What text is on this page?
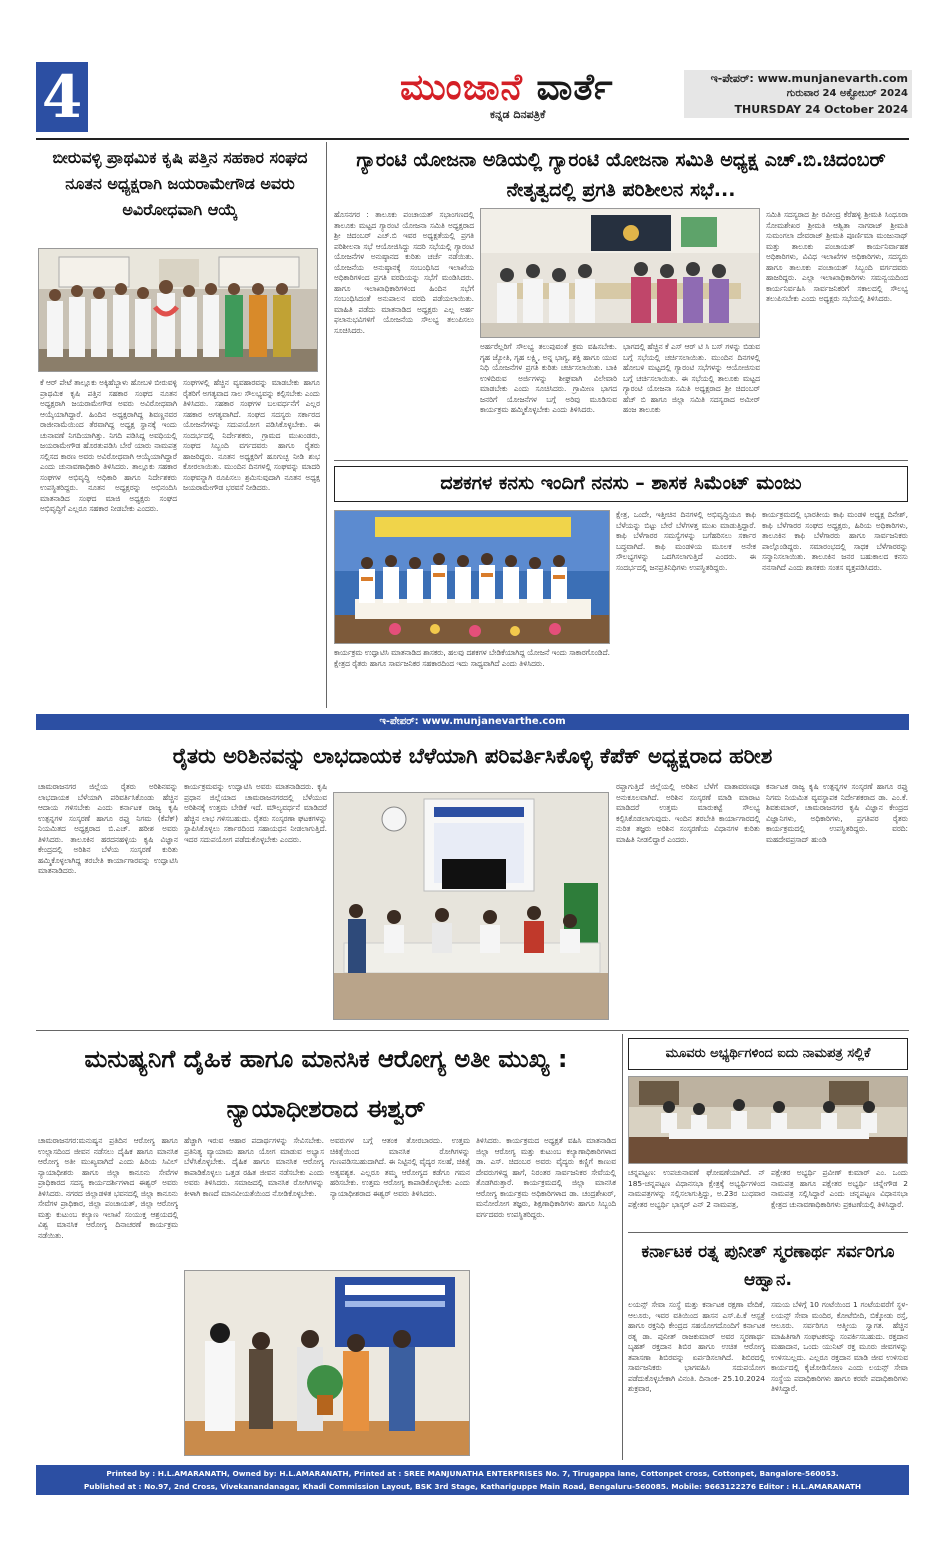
4	ಮುಂಜಾನೆ ವಾರ್ತೆ
ಕನ್ನಡ ದಿನಪತ್ರಿಕೆ
ಇ-ಪೇಪರ್: www.munjanevarth.com
ಗುರುವಾರ 24 ಅಕ್ಟೋಬರ್ 2024
THURSDAY 24 October 2024
ಬೀರುವಳ್ಳಿ ಪ್ರಾಥಮಿಕ ಕೃಷಿ ಪತ್ತಿನ ಸಹಕಾರ ಸಂಘದ ನೂತನ ಅಧ್ಯಕ್ಷರಾಗಿ ಜಯರಾಮೇಗೌಡ ಅವರು ಅವಿರೋಧವಾಗಿ ಆಯ್ಕೆ
ಕೆ ಆರ್ ಪೇಟೆ ತಾಲ್ಲೂಕು ಅಕ್ಕಿಹೆಬ್ಬಾಳು ಹೋಬಳಿ ಬೀರುವಳ್ಳಿ ಪ್ರಾಥಮಿಕ ಕೃಷಿ ಪತ್ತಿನ ಸಹಕಾರ ಸಂಘದ ನೂತನ ಅಧ್ಯಕ್ಷರಾಗಿ ಜಯರಾಮೇಗೌಡ ಅವರು ಅವಿರೋಧವಾಗಿ ಆಯ್ಕೆಯಾಗಿದ್ದಾರೆ. ಹಿಂದಿನ ಅಧ್ಯಕ್ಷರಾಗಿದ್ದ ಶಿವಣ್ಣನವರ ರಾಜೀನಾಮೆಯಿಂದ ತೆರವಾಗಿದ್ದ ಅಧ್ಯಕ್ಷ ಸ್ಥಾನಕ್ಕೆ ಇಂದು ಚುನಾವಣೆ ನಿಗದಿಯಾಗಿತ್ತು. ನಿಗದಿ ಪಡಿಸಿದ್ದ ಅವಧಿಯಲ್ಲಿ ಜಯರಾಮೇಗೌಡ ಹೊರತುಪಡಿಸಿ ಬೇರೆ ಯಾರು ನಾಮಪತ್ರ ಸಲ್ಲಿಸದ ಕಾರಣ ಅವರು ಅವಿರೋಧವಾಗಿ ಆಯ್ಕೆಯಾಗಿದ್ದಾರೆ ಎಂದು ಚುನಾವಣಾಧಿಕಾರಿ ತಿಳಿಸಿದರು. ತಾಲ್ಲೂಕು ಸಹಕಾರ ಸಂಘಗಳ ಅಭಿವೃದ್ಧಿ ಅಧಿಕಾರಿ ಹಾಗೂ ನಿರ್ದೇಶಕರು ಉಪಸ್ಥಿತರಿದ್ದರು. ನೂತನ ಅಧ್ಯಕ್ಷರನ್ನು ಅಭಿನಂದಿಸಿ ಮಾತನಾಡಿದ ಸಂಘದ ಮಾಜಿ ಅಧ್ಯಕ್ಷರು ಸಂಘದ ಅಭಿವೃದ್ಧಿಗೆ ಎಲ್ಲರೂ ಸಹಕಾರ ನೀಡಬೇಕು ಎಂದರು.
ಸಂಘಗಳಲ್ಲಿ ಹೆಚ್ಚಿನ ವ್ಯವಹಾರವನ್ನು ಮಾಡಬೇಕು ಹಾಗೂ ರೈತರಿಗೆ ಅಗತ್ಯವಾದ ಸಾಲ ಸೌಲಭ್ಯವನ್ನು ಕಲ್ಪಿಸಬೇಕು ಎಂದು ತಿಳಿಸಿದರು. ಸಹಕಾರ ಸಂಘಗಳ ಬಲವರ್ಧನೆಗೆ ಎಲ್ಲರ ಸಹಕಾರ ಅಗತ್ಯವಾಗಿದೆ. ಸಂಘದ ಸದಸ್ಯರು ಸರ್ಕಾರದ ಯೋಜನೆಗಳನ್ನು ಸದುಪಯೋಗ ಪಡಿಸಿಕೊಳ್ಳಬೇಕು. ಈ ಸಂದರ್ಭದಲ್ಲಿ ನಿರ್ದೇಶಕರು, ಗ್ರಾಮದ ಮುಖಂಡರು, ಸಂಘದ ಸಿಬ್ಬಂದಿ ವರ್ಗದವರು ಹಾಗೂ ರೈತರು ಹಾಜರಿದ್ದರು. ನೂತನ ಅಧ್ಯಕ್ಷರಿಗೆ ಹೂಗುಚ್ಛ ನೀಡಿ ಶುಭ ಕೋರಲಾಯಿತು. ಮುಂದಿನ ದಿನಗಳಲ್ಲಿ ಸಂಘವನ್ನು ಮಾದರಿ ಸಂಘವನ್ನಾಗಿ ರೂಪಿಸಲು ಶ್ರಮಿಸುವುದಾಗಿ ನೂತನ ಅಧ್ಯಕ್ಷ ಜಯರಾಮೇಗೌಡ ಭರವಸೆ ನೀಡಿದರು.
ಗ್ಯಾರಂಟಿ ಯೋಜನಾ ಅಡಿಯಲ್ಲಿ ಗ್ಯಾರಂಟಿ ಯೋಜನಾ ಸಮಿತಿ ಅಧ್ಯಕ್ಷ ಎಚ್.ಬಿ.ಚಿದಂಬರ್ ನೇತೃತ್ವದಲ್ಲಿ ಪ್ರಗತಿ ಪರಿಶೀಲನ ಸಭೆ...
ಹೊಸನಗರ : ತಾಲೂಕು ಪಂಚಾಯತ್ ಸಭಾಂಗಣದಲ್ಲಿ ತಾಲೂಕು ಮಟ್ಟದ ಗ್ಯಾರಂಟಿ ಯೋಜನಾ ಸಮಿತಿ ಅಧ್ಯಕ್ಷರಾದ ಶ್ರೀ ಚಿದಂಬರ್ ಎಚ್.ಬಿ ಇವರ ಅಧ್ಯಕ್ಷತೆಯಲ್ಲಿ ಪ್ರಗತಿ ಪರಿಶೀಲನಾ ಸಭೆ ಆಯೋಜಿಸಿದ್ದು ಸದರಿ ಸಭೆಯಲ್ಲಿ ಗ್ಯಾರಂಟಿ ಯೋಜನೆಗಳ ಅನುಷ್ಠಾನದ ಕುರಿತು ಚರ್ಚೆ ನಡೆಯಿತು. ಯೋಜನೆಯ ಅನುಷ್ಠಾನಕ್ಕೆ ಸಂಬಂಧಿಸಿದ ಇಲಾಖೆಯ ಅಧಿಕಾರಿಗಳಿಂದ ಪ್ರಗತಿ ವರದಿಯನ್ನು ಸಭೆಗೆ ಮಂಡಿಸಿದರು. ಹಾಗೂ ಇಲಾಖಾಧಿಕಾರಿಗಳಿಂದ ಹಿಂದಿನ ಸಭೆಗೆ ಸಂಬಂಧಿಸಿದಂತೆ ಅನುಪಾಲನ ವರದಿ ಪಡೆಯಲಾಯಿತು. ಮಾಹಿತಿ ಪಡೆದು ಮಾತನಾಡಿದ ಅಧ್ಯಕ್ಷರು ಎಲ್ಲ ಅರ್ಹ ಫಲಾನುಭವಿಗಳಿಗೆ ಯೋಜನೆಯ ಸೌಲಭ್ಯ ತಲುಪಿಸಲು ಸೂಚಿಸಿದರು.
ಅರ್ಹರೆಲ್ಲರಿಗೆ ಸೌಲಭ್ಯ ತಲುಪುವಂತೆ ಕ್ರಮ ವಹಿಸಬೇಕು. ಗೃಹ ಜ್ಯೋತಿ, ಗೃಹ ಲಕ್ಷ್ಮಿ, ಅನ್ನ ಭಾಗ್ಯ, ಶಕ್ತಿ ಹಾಗೂ ಯುವ ನಿಧಿ ಯೋಜನೆಗಳ ಪ್ರಗತಿ ಕುರಿತು ಚರ್ಚಿಸಲಾಯಿತು. ಬಾಕಿ ಉಳಿದಿರುವ ಅರ್ಜಿಗಳನ್ನು ಶೀಘ್ರವಾಗಿ ವಿಲೇವಾರಿ ಮಾಡಬೇಕು ಎಂದು ಸೂಚಿಸಿದರು. ಗ್ರಾಮೀಣ ಭಾಗದ ಜನರಿಗೆ ಯೋಜನೆಗಳ ಬಗ್ಗೆ ಅರಿವು ಮೂಡಿಸುವ ಕಾರ್ಯಕ್ರಮ ಹಮ್ಮಿಕೊಳ್ಳಬೇಕು ಎಂದು ತಿಳಿಸಿದರು.
ಭಾಗದಲ್ಲಿ ಹೆಚ್ಚಿನ ಕೆ ಎಸ್ ಆರ್ ಟಿ ಸಿ ಬಸ್ ಗಳನ್ನು ಬಿಡುವ ಬಗ್ಗೆ ಸಭೆಯಲ್ಲಿ ಚರ್ಚಿಸಲಾಯಿತು. ಮುಂದಿನ ದಿನಗಳಲ್ಲಿ ಹೋಬಳಿ ಮಟ್ಟದಲ್ಲಿ ಗ್ಯಾರಂಟಿ ಸಭೆಗಳನ್ನು ಆಯೋಜಿಸುವ ಬಗ್ಗೆ ಚರ್ಚಿಸಲಾಯಿತು. ಈ ಸಭೆಯಲ್ಲಿ ತಾಲೂಕು ಮಟ್ಟದ ಗ್ಯಾರಂಟಿ ಯೋಜನಾ ಸಮಿತಿ ಅಧ್ಯಕ್ಷರಾದ ಶ್ರೀ ಚಿದಂಬರ್ ಹೆಚ್ ಬಿ ಹಾಗೂ ಜಿಲ್ಲಾ ಸಮಿತಿ ಸದಸ್ಯರಾದ ಅಮೀರ್ ಹಂಜ ತಾಲೂಕು
ಸಮಿತಿ ಸದಸ್ಯರಾದ ಶ್ರೀ ರವೀಂದ್ರ ಕೆರೆಹಳ್ಳಿ ಶ್ರೀಮತಿ ಸಿಂಧೂರಾ ಸೋಮಶೇಖರ ಶ್ರೀಮತಿ ಆಶ್ವಿತಾ ನಾಗರಾಜ್ ಶ್ರೀಮತಿ ಸುಮಂಗಲಾ ದೇವರಾಜ್ ಶ್ರೀಮತಿ ಪೂರ್ಣಿಮಾ ಮಂಜುನಾಥ್ ಮತ್ತು ತಾಲೂಕು ಪಂಚಾಯತ್ ಕಾರ್ಯನಿರ್ವಾಹಕ ಅಧಿಕಾರಿಗಳು, ವಿವಿಧ ಇಲಾಖೆಗಳ ಅಧಿಕಾರಿಗಳು, ಸದಸ್ಯರು ಹಾಗೂ ತಾಲೂಕು ಪಂಚಾಯತ್ ಸಿಬ್ಬಂದಿ ವರ್ಗದವರು ಹಾಜರಿದ್ದರು. ಎಲ್ಲಾ ಇಲಾಖಾಧಿಕಾರಿಗಳು ಸಮನ್ವಯದಿಂದ ಕಾರ್ಯನಿರ್ವಹಿಸಿ ಸಾರ್ವಜನಿಕರಿಗೆ ಸಕಾಲದಲ್ಲಿ ಸೌಲಭ್ಯ ತಲುಪಿಸಬೇಕು ಎಂದು ಅಧ್ಯಕ್ಷರು ಸಭೆಯಲ್ಲಿ ತಿಳಿಸಿದರು.
ದಶಕಗಳ ಕನಸು ಇಂದಿಗೆ ನನಸು – ಶಾಸಕ ಸಿಮೆಂಟ್ ಮಂಜು
ಕಾರ್ಯಕ್ರಮ ಉದ್ಘಾಟಿಸಿ ಮಾತನಾಡಿದ ಶಾಸಕರು, ಹಲವು ದಶಕಗಳ ಬೇಡಿಕೆಯಾಗಿದ್ದ ಯೋಜನೆ ಇಂದು ಸಾಕಾರಗೊಂಡಿದೆ. ಕ್ಷೇತ್ರದ ರೈತರು ಹಾಗೂ ಸಾರ್ವಜನಿಕರ ಸಹಕಾರದಿಂದ ಇದು ಸಾಧ್ಯವಾಗಿದೆ ಎಂದು ತಿಳಿಸಿದರು.
ಕ್ಷೇತ್ರ, ಒಂದೇ, ಇತ್ತೀಚಿನ ದಿನಗಳಲ್ಲಿ ಅಭಿವೃದ್ಧಿಯೂ ಕಾಫಿ ಬೆಳೆಯನ್ನು ಬಿಟ್ಟು ಬೇರೆ ಬೆಳೆಗಳತ್ತ ಮುಖ ಮಾಡುತ್ತಿದ್ದಾರೆ. ಕಾಫಿ ಬೆಳೆಗಾರರ ಸಮಸ್ಯೆಗಳನ್ನು ಬಗೆಹರಿಸಲು ಸರ್ಕಾರ ಬದ್ಧವಾಗಿದೆ. ಕಾಫಿ ಮಂಡಳಿಯ ಮೂಲಕ ಅನೇಕ ಸೌಲಭ್ಯಗಳನ್ನು ಒದಗಿಸಲಾಗುತ್ತಿದೆ ಎಂದರು. ಈ ಸಂದರ್ಭದಲ್ಲಿ ಜನಪ್ರತಿನಿಧಿಗಳು ಉಪಸ್ಥಿತರಿದ್ದರು.
ಕಾರ್ಯಕ್ರಮದಲ್ಲಿ ಭಾರತೀಯ ಕಾಫಿ ಮಂಡಳಿ ಅಧ್ಯಕ್ಷ ದಿನೇಶ್, ಕಾಫಿ ಬೆಳೆಗಾರರ ಸಂಘದ ಅಧ್ಯಕ್ಷರು, ಹಿರಿಯ ಅಧಿಕಾರಿಗಳು, ತಾಲೂಕಿನ ಕಾಫಿ ಬೆಳೆಗಾರರು ಹಾಗೂ ಸಾರ್ವಜನಿಕರು ಪಾಲ್ಗೊಂಡಿದ್ದರು. ಸಮಾರಂಭದಲ್ಲಿ ಸಾಧಕ ಬೆಳೆಗಾರರನ್ನು ಸನ್ಮಾನಿಸಲಾಯಿತು. ತಾಲೂಕಿನ ಜನರ ಬಹುಕಾಲದ ಕನಸು ನನಸಾಗಿದೆ ಎಂದು ಶಾಸಕರು ಸಂತಸ ವ್ಯಕ್ತಪಡಿಸಿದರು.
ಇ-ಪೇಪರ್: www.munjanevarthe.com
ರೈತರು ಅರಿಶಿನವನ್ನು ಲಾಭದಾಯಕ ಬೆಳೆಯಾಗಿ ಪರಿವರ್ತಿಸಿಕೊಳ್ಳಿ ಕೆಪೆಕ್ ಅಧ್ಯಕ್ಷರಾದ ಹರೀಶ
ಚಾಮರಾಜನಗರ ಜಿಲ್ಲೆಯ ರೈತರು ಅರಿಶಿನವನ್ನು ಲಾಭದಾಯಕ ಬೆಳೆಯಾಗಿ ಪರಿವರ್ತಿಸಿಕೊಂಡು ಹೆಚ್ಚಿನ ಆದಾಯ ಗಳಿಸಬೇಕು ಎಂದು ಕರ್ನಾಟಕ ರಾಜ್ಯ ಕೃಷಿ ಉತ್ಪನ್ನಗಳ ಸಂಸ್ಕರಣೆ ಹಾಗೂ ರಫ್ತು ನಿಗಮ (ಕೆಪೆಕ್) ನಿಯಮಿತದ ಅಧ್ಯಕ್ಷರಾದ ಬಿ.ಎಚ್. ಹರೀಶ ಅವರು ತಿಳಿಸಿದರು. ತಾಲೂಕಿನ ಹರದನಹಳ್ಳಿಯ ಕೃಷಿ ವಿಜ್ಞಾನ ಕೇಂದ್ರದಲ್ಲಿ ಅರಿಶಿನ ಬೆಳೆಯ ಸಂಸ್ಕರಣೆ ಕುರಿತು ಹಮ್ಮಿಕೊಳ್ಳಲಾಗಿದ್ದ ತರಬೇತಿ ಕಾರ್ಯಾಗಾರವನ್ನು ಉದ್ಘಾಟಿಸಿ ಮಾತನಾಡಿದರು.
ಕಾರ್ಯಕ್ರಮವನ್ನು ಉದ್ಘಾಟಿಸಿ ಅವರು ಮಾತನಾಡಿದರು. ಕೃಷಿ ಪ್ರಧಾನ ಜಿಲ್ಲೆಯಾದ ಚಾಮರಾಜನಗರದಲ್ಲಿ ಬೆಳೆಯುವ ಅರಿಶಿನಕ್ಕೆ ಉತ್ತಮ ಬೇಡಿಕೆ ಇದೆ. ಮೌಲ್ಯವರ್ಧನೆ ಮಾಡಿದರೆ ಹೆಚ್ಚಿನ ಲಾಭ ಗಳಿಸಬಹುದು. ರೈತರು ಸಂಸ್ಕರಣಾ ಘಟಕಗಳನ್ನು ಸ್ಥಾಪಿಸಿಕೊಳ್ಳಲು ಸರ್ಕಾರದಿಂದ ಸಹಾಯಧನ ನೀಡಲಾಗುತ್ತಿದೆ. ಇದರ ಸದುಪಯೋಗ ಪಡೆದುಕೊಳ್ಳಬೇಕು ಎಂದರು.
ರಫ್ತಾಗುತ್ತಿದೆ ಜಿಲ್ಲೆಯಲ್ಲಿ ಅರಿಶಿನ ಬೆಳೆಗೆ ವಾತಾವರಣವೂ ಅನುಕೂಲವಾಗಿದೆ. ಅರಿಶಿನ ಸಂಸ್ಕರಣೆ ಮಾಡಿ ಮಾರಾಟ ಮಾಡಿದರೆ ಉತ್ತಮ ಮಾರುಕಟ್ಟೆ ಸೌಲಭ್ಯ ಕಲ್ಪಿಸಿಕೊಡಲಾಗುವುದು. ಇಂದಿನ ತರಬೇತಿ ಕಾರ್ಯಾಗಾರದಲ್ಲಿ ನುರಿತ ತಜ್ಞರು ಅರಿಶಿನ ಸಂಸ್ಕರಣೆಯ ವಿಧಾನಗಳ ಕುರಿತು ಮಾಹಿತಿ ನೀಡಲಿದ್ದಾರೆ ಎಂದರು.
ಕರ್ನಾಟಕ ರಾಜ್ಯ ಕೃಷಿ ಉತ್ಪನ್ನಗಳ ಸಂಸ್ಕರಣೆ ಹಾಗೂ ರಫ್ತು ನಿಗಮ ನಿಯಮಿತ ವ್ಯವಸ್ಥಾಪಕ ನಿರ್ದೇಶಕರಾದ ಡಾ. ಎಂ.ಕೆ. ಶಿವಕುಮಾರ್, ಚಾಮರಾಜನಗರ ಕೃಷಿ ವಿಜ್ಞಾನ ಕೇಂದ್ರದ ವಿಜ್ಞಾನಿಗಳು, ಅಧಿಕಾರಿಗಳು, ಪ್ರಗತಿಪರ ರೈತರು ಕಾರ್ಯಕ್ರಮದಲ್ಲಿ ಉಪಸ್ಥಿತರಿದ್ದರು. ವರದಿ: ಮಹದೇವಪ್ರಸಾದ್ ಹುಂಡಿ
ಮನುಷ್ಯನಿಗೆ ದೈಹಿಕ ಹಾಗೂ ಮಾನಸಿಕ ಆರೋಗ್ಯ ಅತೀ ಮುಖ್ಯ : ನ್ಯಾಯಾಧೀಶರಾದ ಈಶ್ವರ್
ಚಾಮರಾಜನಗರ:ಮನುಷ್ಯನ ಪ್ರತಿದಿನ ಆರೋಗ್ಯ ಹಾಗೂ ಉಲ್ಲಾಸದಿಂದ ಜೀವನ ನಡೆಸಲು ದೈಹಿಕ ಹಾಗೂ ಮಾನಸಿಕ ಆರೋಗ್ಯ ಅತೀ ಮುಖ್ಯವಾಗಿದೆ ಎಂದು ಹಿರಿಯ ಸಿವಿಲ್ ನ್ಯಾಯಾಧೀಶರು ಹಾಗೂ ಜಿಲ್ಲಾ ಕಾನೂನು ಸೇವೆಗಳ ಪ್ರಾಧಿಕಾರದ ಸದಸ್ಯ ಕಾರ್ಯದರ್ಶಿಗಳಾದ ಈಶ್ವರ್ ಅವರು ತಿಳಿಸಿದರು. ನಗರದ ಜಿಲ್ಲಾಡಳಿತ ಭವನದಲ್ಲಿ ಜಿಲ್ಲಾ ಕಾನೂನು ಸೇವೆಗಳ ಪ್ರಾಧಿಕಾರ, ಜಿಲ್ಲಾ ಪಂಚಾಯತ್, ಜಿಲ್ಲಾ ಆರೋಗ್ಯ ಮತ್ತು ಕುಟುಂಬ ಕಲ್ಯಾಣ ಇಲಾಖೆ ಸಂಯುಕ್ತ ಆಶ್ರಯದಲ್ಲಿ ವಿಶ್ವ ಮಾನಸಿಕ ಆರೋಗ್ಯ ದಿನಾಚರಣೆ ಕಾರ್ಯಕ್ರಮ ನಡೆಯಿತು.
ಹೆಚ್ಚಾಗಿ ಇರುವ ಆಹಾರ ಪದಾರ್ಥಗಳನ್ನು ಸೇವಿಸಬೇಕು. ಪ್ರತಿನಿತ್ಯ ವ್ಯಾಯಾಮ ಹಾಗೂ ಯೋಗ ಮಾಡುವ ಅಭ್ಯಾಸ ಬೆಳೆಸಿಕೊಳ್ಳಬೇಕು. ದೈಹಿಕ ಹಾಗೂ ಮಾನಸಿಕ ಆರೋಗ್ಯ ಕಾಪಾಡಿಕೊಳ್ಳಲು ಒತ್ತಡ ರಹಿತ ಜೀವನ ನಡೆಸಬೇಕು ಎಂದು ಅವರು ತಿಳಿಸಿದರು. ಸಮಾಜದಲ್ಲಿ ಮಾನಸಿಕ ರೋಗಿಗಳನ್ನು ಕೀಳಾಗಿ ಕಾಣದೆ ಮಾನವೀಯತೆಯಿಂದ ನೋಡಿಕೊಳ್ಳಬೇಕು.
ಅವರುಗಳ ಬಗ್ಗೆ ಆತಂಕ ತೋರಬಾರದು. ಉತ್ತಮ ಚಿಕಿತ್ಸೆಯಿಂದ ಮಾನಸಿಕ ರೋಗಿಗಳನ್ನು ಗುಣಪಡಿಸಬಹುದಾಗಿದೆ. ಈ ನಿಟ್ಟಿನಲ್ಲಿ ವೈದ್ಯರ ಸಲಹೆ, ಚಿಕಿತ್ಸೆ ಅತ್ಯವಶ್ಯಕ. ಎಲ್ಲರೂ ತಮ್ಮ ಆರೋಗ್ಯದ ಕಡೆಗೂ ಗಮನ ಹರಿಸಬೇಕು. ಉತ್ತಮ ಆರೋಗ್ಯ ಕಾಪಾಡಿಕೊಳ್ಳಬೇಕು ಎಂದು ನ್ಯಾಯಾಧೀಶರಾದ ಈಶ್ವರ್ ಅವರು ತಿಳಿಸಿದರು.
ತಿಳಿಸಿದರು. ಕಾರ್ಯಕ್ರಮದ ಅಧ್ಯಕ್ಷತೆ ವಹಿಸಿ ಮಾತನಾಡಿದ ಜಿಲ್ಲಾ ಆರೋಗ್ಯ ಮತ್ತು ಕುಟುಂಬ ಕಲ್ಯಾಣಾಧಿಕಾರಿಗಳಾದ ಡಾ. ಎಸ್. ಚಿದಂಬರ ಅವರು ವೈದ್ಯರು ಕಣ್ಣಿಗೆ ಕಾಣುವ ದೇವರುಗಳಿದ್ದ ಹಾಗೆ, ನಿರಂತರ ಸಾರ್ವಜನಿಕರ ಸೇವೆಯಲ್ಲಿ ತೊಡಗಿರುತ್ತಾರೆ. ಕಾರ್ಯಕ್ರಮದಲ್ಲಿ ಜಿಲ್ಲಾ ಮಾನಸಿಕ ಆರೋಗ್ಯ ಕಾರ್ಯಕ್ರಮ ಅಧಿಕಾರಿಗಳಾದ ಡಾ. ಚಂದ್ರಶೇಖರ್, ಮನೋರೋಗ ತಜ್ಞರು, ಶಿಕ್ಷಣಾಧಿಕಾರಿಗಳು ಹಾಗೂ ಸಿಬ್ಬಂದಿ ವರ್ಗದವರು ಉಪಸ್ಥಿತರಿದ್ದರು.
ಮೂವರು ಅಭ್ಯರ್ಥಿಗಳಿಂದ ಐದು ನಾಮಪತ್ರ ಸಲ್ಲಿಕೆ
ಚನ್ನಪಟ್ಟಣ: ಉಪಚುನಾವಣೆ ಘೋಷಣೆಯಾಗಿದೆ. ನ್ 185-ಚನ್ನಪಟ್ಟಣ ವಿಧಾನಸಭಾ ಕ್ಷೇತ್ರಕ್ಕೆ ಅಭ್ಯರ್ಥಿಗಳಿಂದ ನಾಮಪತ್ರಗಳನ್ನು ಸಲ್ಲಿಸಲಾಗುತ್ತಿದ್ದು, ಅ.23ರ ಬುಧವಾರ ಪಕ್ಷೇತರ ಅಭ್ಯರ್ಥಿ ಭಾಸ್ಕರ್ ಎನ್ 2 ನಾಮಪತ್ರ,
ಪಕ್ಷೇತರ ಅಭ್ಯರ್ಥಿ ಪ್ರವೀಣ್ ಕುಮಾರ್ ಎಂ. ಒಂದು ನಾಮಪತ್ರ ಹಾಗೂ ಪಕ್ಷೇತರ ಅಭ್ಯರ್ಥಿ ಚನ್ನೇಗೌಡ 2 ನಾಮಪತ್ರ ಸಲ್ಲಿಸಿದ್ದಾರೆ ಎಂದು ಚನ್ನಪಟ್ಟಣ ವಿಧಾನಸಭಾ ಕ್ಷೇತ್ರದ ಚುನಾವಣಾಧಿಕಾರಿಗಳು ಪ್ರಕಟಣೆಯಲ್ಲಿ ತಿಳಿಸಿದ್ದಾರೆ.
ಕರ್ನಾಟಕ ರತ್ನ ಪುನೀತ್ ಸ್ಮರಣಾರ್ಥ ಸರ್ವರಿಗೂ ಆಹ್ವಾನ.
ಲಯನ್ಸ್ ಸೇವಾ ಸಂಸ್ಥೆ ಮತ್ತು ಕರ್ನಾಟಕ ರಕ್ಷಣಾ ವೇದಿಕೆ, ಆಲೂರು, ಇವರ ವತಿಯಿಂದ ಹಾಸನ ಎಸ್.ಪಿ.ಕೆ ಆಸ್ಪತ್ರೆ ಹಾಗೂ ರಕ್ತನಿಧಿ ಕೇಂದ್ರದ ಸಹಯೋಗದೊಂದಿಗೆ ಕರ್ನಾಟಕ ರತ್ನ ಡಾ. ಪುನೀತ್ ರಾಜಕುಮಾರ್ ಅವರ ಸ್ಮರಣಾರ್ಥ ಬೃಹತ್ ರಕ್ತದಾನ ಶಿಬಿರ ಹಾಗೂ ಉಚಿತ ಆರೋಗ್ಯ ತಪಾಸಣಾ ಶಿಬಿರವನ್ನು ಏರ್ಪಡಿಸಲಾಗಿದೆ. ಶಿಬಿರದಲ್ಲಿ ಸಾರ್ವಜನಿಕರು ಭಾಗವಹಿಸಿ ಸದುಪಯೋಗ ಪಡೆದುಕೊಳ್ಳಬೇಕಾಗಿ ವಿನಂತಿ. ದಿನಾಂಕ- 25.10.2024 ಶುಕ್ರವಾರ,
ಸಮಯ ಬೆಳಿಗ್ಗೆ 10 ಗಂಟೆಯಿಂದ 1 ಗಂಟೆಯವರೆಗೆ ಸ್ಥಳ- ಲಯನ್ಸ್ ಸೇವಾ ಮಂದಿರ, ಕೋಟೆಬೀದಿ, ಬಿಕ್ಕೋಡು ರಸ್ತೆ, ಆಲೂರು. ಸರ್ವರಿಗೂ ಆತ್ಮೀಯ ಸ್ವಾಗತ. ಹೆಚ್ಚಿನ ಮಾಹಿತಿಗಾಗಿ ಸಂಘಟಕರನ್ನು ಸಂಪರ್ಕಿಸಬಹುದು. ರಕ್ತದಾನ ಮಹಾದಾನ, ಒಂದು ಯುನಿಟ್ ರಕ್ತ ಮೂರು ಜೀವಗಳನ್ನು ಉಳಿಸಬಲ್ಲದು. ಎಲ್ಲರೂ ರಕ್ತದಾನ ಮಾಡಿ ಜೀವ ಉಳಿಸುವ ಕಾರ್ಯದಲ್ಲಿ ಕೈಜೋಡಿಸೋಣ ಎಂದು ಲಯನ್ಸ್ ಸೇವಾ ಸಂಸ್ಥೆಯ ಪದಾಧಿಕಾರಿಗಳು ಹಾಗೂ ಕರವೇ ಪದಾಧಿಕಾರಿಗಳು ತಿಳಿಸಿದ್ದಾರೆ.
Printed by : H.L.AMARANATH, Owned by: H.L.AMARANATH, Printed at : SREE MANJUNATHA ENTERPRISES No. 7, Tirugappa lane, Cottonpet cross, Cottonpet, Bangalore-560053.
Published at : No.97, 2nd Cross, Vivekanandanagar, Khadi Commission Layout, BSK 3rd Stage, Kathariguppe Main Road, Bengaluru-560085. Mobile: 9663122276 Editor : H.L.AMARANATH
